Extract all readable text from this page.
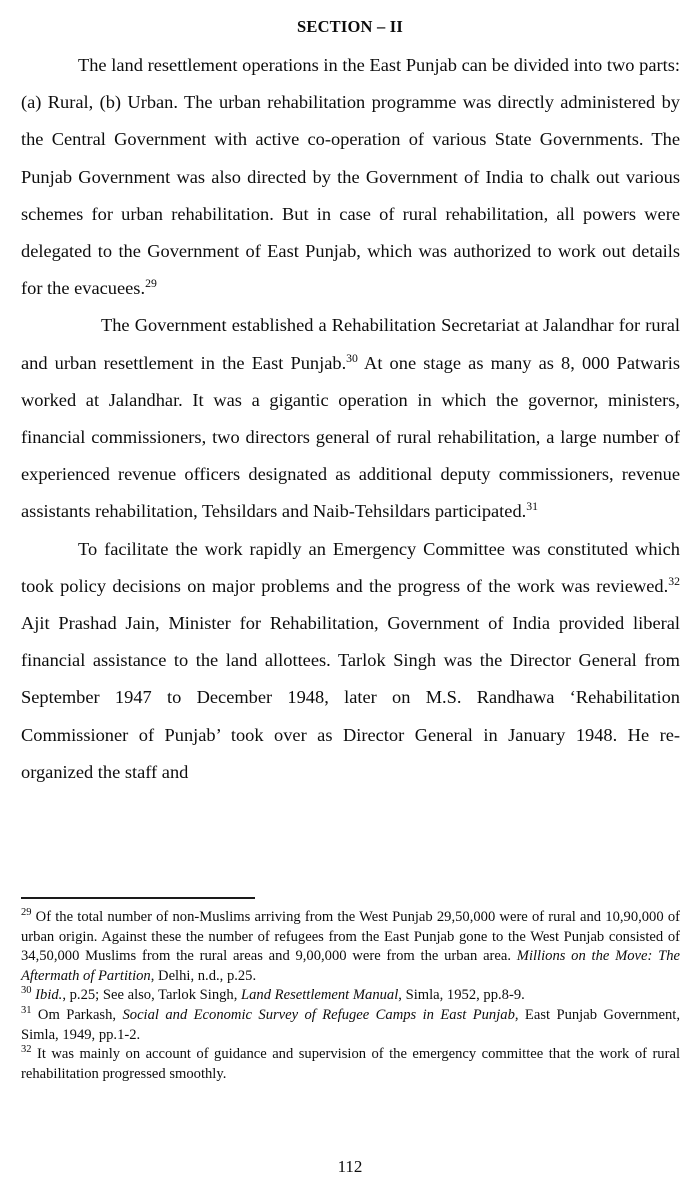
SECTION – II

The land resettlement operations in the East Punjab can be divided into two parts: (a) Rural, (b) Urban. The urban rehabilitation programme was directly administered by the Central Government with active co-operation of various State Governments. The Punjab Government was also directed by the Government of India to chalk out various schemes for urban rehabilitation. But in case of rural rehabilitation, all powers were delegated to the Government of East Punjab, which was authorized to work out details for the evacuees.$^{29}$

The Government established a Rehabilitation Secretariat at Jalandhar for rural and urban resettlement in the East Punjab.$^{30}$ At one stage as many as 8, 000 Patwaris worked at Jalandhar. It was a gigantic operation in which the governor, ministers, financial commissioners, two directors general of rural rehabilitation, a large number of experienced revenue officers designated as additional deputy commissioners, revenue assistants rehabilitation, Tehsildars and Naib-Tehsildars participated.$^{31}$

To facilitate the work rapidly an Emergency Committee was constituted which took policy decisions on major problems and the progress of the work was reviewed.$^{32}$ Ajit Prashad Jain, Minister for Rehabilitation, Government of India provided liberal financial assistance to the land allottees. Tarlok Singh was the Director General from September 1947 to December 1948, later on M.S. Randhawa ‘Rehabilitation Commissioner of Punjab’ took over as Director General in January 1948. He re-organized the staff and

$^{29}$ Of the total number of non-Muslims arriving from the West Punjab 29,50,000 were of rural and 10,90,000 of urban origin. Against these the number of refugees from the East Punjab gone to the West Punjab consisted of 34,50,000 Muslims from the rural areas and 9,00,000 were from the urban area. Millions on the Move: The Aftermath of Partition, Delhi, n.d., p.25.

$^{30}$ Ibid., p.25; See also, Tarlok Singh, Land Resettlement Manual, Simla, 1952, pp.8-9.

$^{31}$ Om Parkash, Social and Economic Survey of Refugee Camps in East Punjab, East Punjab Government, Simla, 1949, pp.1-2.

$^{32}$ It was mainly on account of guidance and supervision of the emergency committee that the work of rural rehabilitation progressed smoothly.

112
